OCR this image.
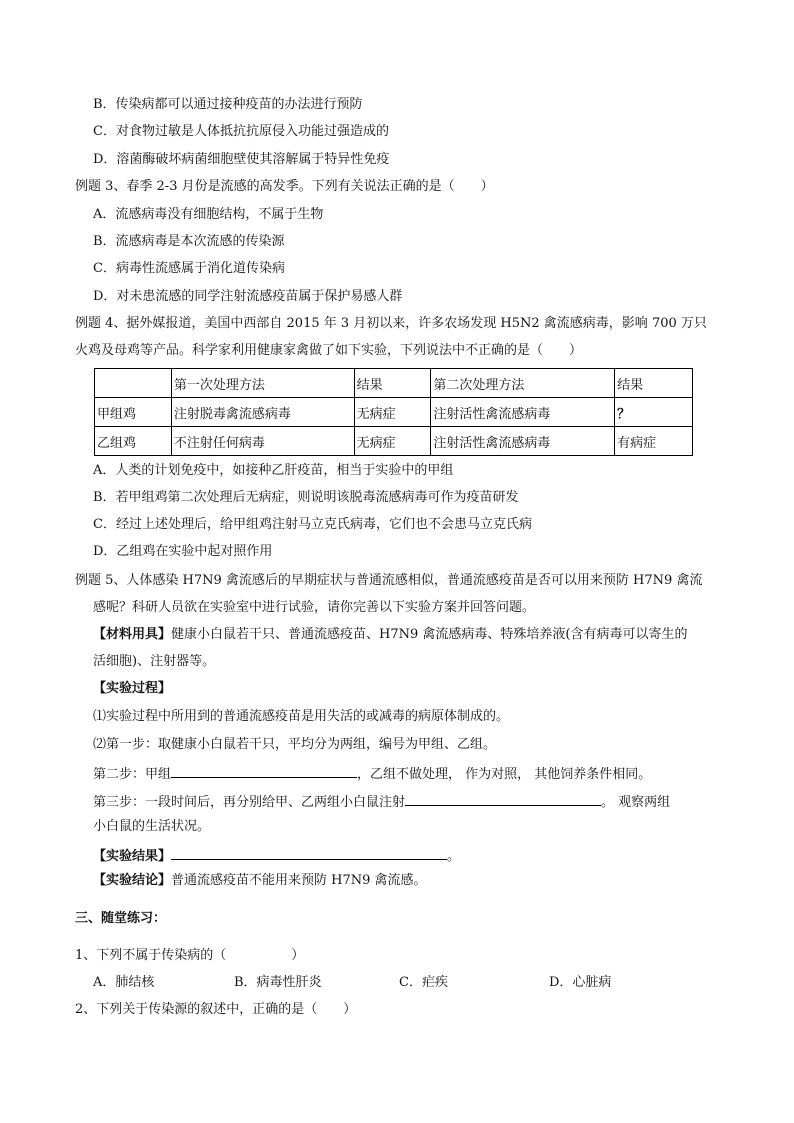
B．传染病都可以通过接种疫苗的办法进行预防
C．对食物过敏是人体抵抗抗原侵入功能过强造成的
D．溶菌酶破坏病菌细胞壁使其溶解属于特异性免疫
例题 3、春季 2-3 月份是流感的高发季。下列有关说法正确的是（　　）
A．流感病毒没有细胞结构，不属于生物
B．流感病毒是本次流感的传染源
C．病毒性流感属于消化道传染病
D．对未患流感的同学注射流感疫苗属于保护易感人群
例题 4、据外媒报道，美国中西部自 2015 年 3 月初以来，许多农场发现 H5N2 禽流感病毒，影响 700 万只
火鸡及母鸡等产品。科学家利用健康家禽做了如下实验，下列说法中不正确的是（　　）
	第一次处理方法	结果	第二次处理方法	结果
甲组鸡	注射脱毒禽流感病毒	无病症	注射活性禽流感病毒	？
乙组鸡	不注射任何病毒	无病症	注射活性禽流感病毒	有病症
A．人类的计划免疫中，如接种乙肝疫苗，相当于实验中的甲组
B．若甲组鸡第二次处理后无病症，则说明该脱毒流感病毒可作为疫苗研发
C．经过上述处理后，给甲组鸡注射马立克氏病毒，它们也不会患马立克氏病
D．乙组鸡在实验中起对照作用
例题 5、人体感染 H7N9 禽流感后的早期症状与普通流感相似，普通流感疫苗是否可以用来预防 H7N9 禽流
感呢？科研人员欲在实验室中进行试验，请你完善以下实验方案并回答问题。
【材料用具】健康小白鼠若干只、普通流感疫苗、H7N9 禽流感病毒、特殊培养液(含有病毒可以寄生的
活细胞)、注射器等。
【实验过程】
⑴实验过程中所用到的普通流感疫苗是用失活的或减毒的病原体制成的。
⑵第一步：取健康小白鼠若干只，平均分为两组，编号为甲组、乙组。
第二步：甲组	，乙组不做处理， 作为对照， 其他饲养条件相同。
第三步：一段时间后，再分别给甲、乙两组小白鼠注射	。 观察两组
小白鼠的生活状况。
【实验结果】	。
【实验结论】普通流感疫苗不能用来预防 H7N9 禽流感。
三、随堂练习：
1、下列不属于传染病的（　　　　　）
A．肺结核	B．病毒性肝炎	C．疟疾	D．心脏病
2、下列关于传染源的叙述中，正确的是（　　）
